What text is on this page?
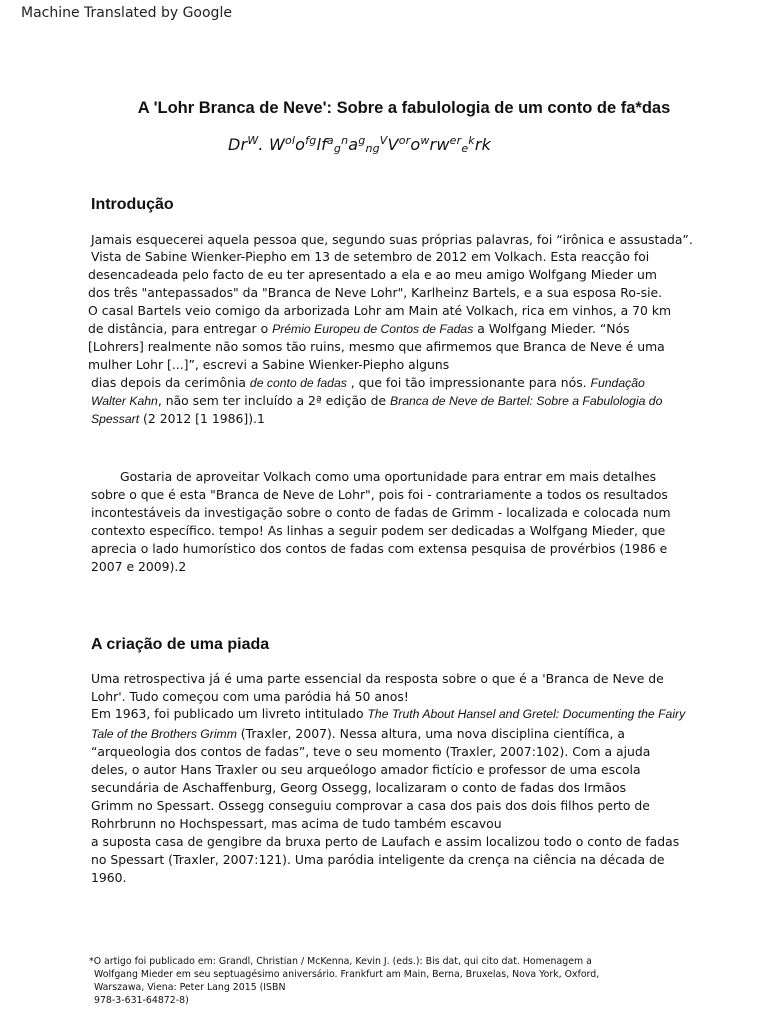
Machine Translated by Google
A 'Lohr Branca de Neve': Sobre a fabulologia de um conto de fa*das
$Dr^W$. $W^{ol}o^{fg}lf^a_g^na^g_{ng}^VV^{or}o^wrw^{er}_e^krk$
Introdução
Jamais esquecerei aquela pessoa que, segundo suas próprias palavras, foi “irônica e assustada”.
Vista de Sabine Wienker-Piepho em 13 de setembro de 2012 em Volkach. Esta reacção foi
desencadeada pelo facto de eu ter apresentado a ela e ao meu amigo Wolfgang Mieder um
dos três "antepassados" da "Branca de Neve Lohr", Karlheinz Bartels, e a sua esposa Ro-sie.
O casal Bartels veio comigo da arborizada Lohr am Main até Volkach, rica em vinhos, a 70 km
de distância, para entregar o Prémio Europeu de Contos de Fadas a Wolfgang Mieder. “Nós
[Lohrers] realmente não somos tão ruins, mesmo que afirmemos que Branca de Neve é uma
mulher Lohr [...]”, escrevi a Sabine Wienker-Piepho alguns
dias depois da cerimônia de conto de fadas , que foi tão impressionante para nós. Fundação
Walter Kahn, não sem ter incluído a 2ª edição de Branca de Neve de Bartel: Sobre a Fabulologia do
Spessart (2 2012 [1 1986]).1
Gostaria de aproveitar Volkach como uma oportunidade para entrar em mais detalhes
sobre o que é esta "Branca de Neve de Lohr", pois foi - contrariamente a todos os resultados
incontestáveis da investigação sobre o conto de fadas de Grimm - localizada e colocada num
contexto específico. tempo! As linhas a seguir podem ser dedicadas a Wolfgang Mieder, que
aprecia o lado humorístico dos contos de fadas com extensa pesquisa de provérbios (1986 e
2007 e 2009).2
A criação de uma piada
Uma retrospectiva já é uma parte essencial da resposta sobre o que é a 'Branca de Neve de
Lohr'. Tudo começou com uma paródia há 50 anos!
Em 1963, foi publicado um livreto intitulado The Truth About Hansel and Gretel: Documenting the Fairy
Tale of the Brothers Grimm (Traxler, 2007). Nessa altura, uma nova disciplina científica, a
“arqueologia dos contos de fadas”, teve o seu momento (Traxler, 2007:102). Com a ajuda
deles, o autor Hans Traxler ou seu arqueólogo amador fictício e professor de uma escola
secundária de Aschaffenburg, Georg Ossegg, localizaram o conto de fadas dos Irmãos
Grimm no Spessart. Ossegg conseguiu comprovar a casa dos pais dos dois filhos perto de
Rohrbrunn no Hochspessart, mas acima de tudo também escavou
a suposta casa de gengibre da bruxa perto de Laufach e assim localizou todo o conto de fadas
no Spessart (Traxler, 2007:121). Uma paródia inteligente da crença na ciência na década de
1960.
*O artigo foi publicado em: Grandl, Christian / McKenna, Kevin J. (eds.): Bis dat, qui cito dat. Homenagem a
Wolfgang Mieder em seu septuagésimo aniversário. Frankfurt am Main, Berna, Bruxelas, Nova York, Oxford,
Warszawa, Viena: Peter Lang 2015 (ISBN
978-3-631-64872-8)
